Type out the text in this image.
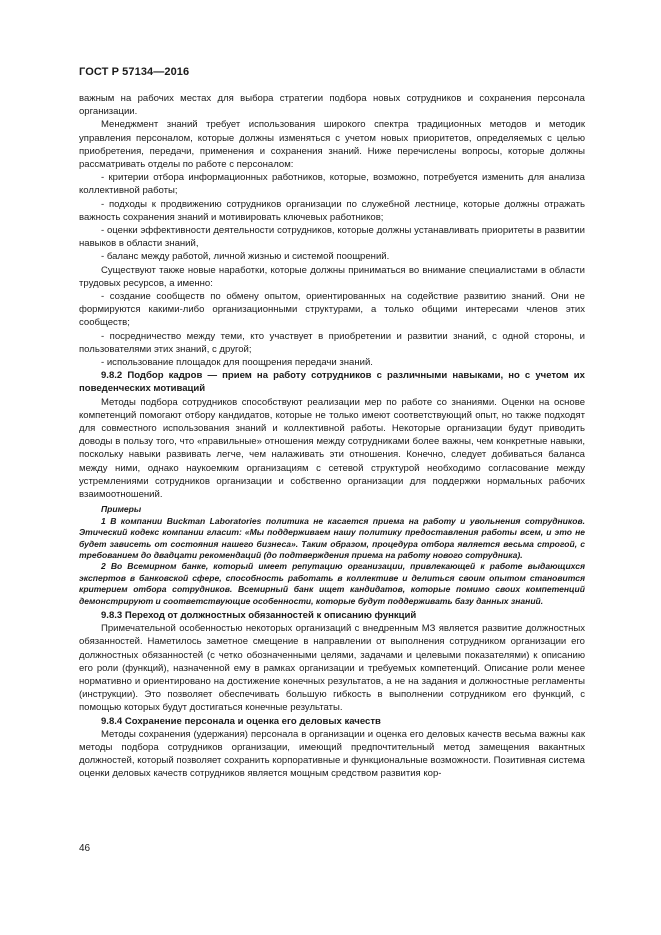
ГОСТ Р 57134—2016

важным на рабочих местах для выбора стратегии подбора новых сотрудников и сохранения персонала организации.

Менеджмент знаний требует использования широкого спектра традиционных методов и методик управления персоналом, которые должны изменяться с учетом новых приоритетов, определяемых с целью приобретения, передачи, применения и сохранения знаний. Ниже перечислены вопросы, которые должны рассматривать отделы по работе с персоналом:

- критерии отбора информационных работников, которые, возможно, потребуется изменить для анализа коллективной работы;

- подходы к продвижению сотрудников организации по служебной лестнице, которые должны отражать важность сохранения знаний и мотивировать ключевых работников;

- оценки эффективности деятельности сотрудников, которые должны устанавливать приоритеты в развитии навыков в области знаний,

- баланс между работой, личной жизнью и системой поощрений.

Существуют также новые наработки, которые должны приниматься во внимание специалистами в области трудовых ресурсов, а именно:

- создание сообществ по обмену опытом, ориентированных на содействие развитию знаний. Они не формируются какими-либо организационными структурами, а только общими интересами членов этих сообществ;

- посредничество между теми, кто участвует в приобретении и развитии знаний, с одной стороны, и пользователями этих знаний, с другой;

- использование площадок для поощрения передачи знаний.

9.8.2 Подбор кадров — прием на работу сотрудников с различными навыками, но с учетом их поведенческих мотиваций

Методы подбора сотрудников способствуют реализации мер по работе со знаниями. Оценки на основе компетенций помогают отбору кандидатов, которые не только имеют соответствующий опыт, но также подходят для совместного использования знаний и коллективной работы. Некоторые организации будут приводить доводы в пользу того, что «правильные» отношения между сотрудниками более важны, чем конкретные навыки, поскольку навыки развивать легче, чем налаживать эти отношения. Конечно, следует добиваться баланса между ними, однако наукоемким организациям с сетевой структурой необходимо согласование между устремлениями сотрудников организации и собственно организации для поддержки нормальных рабочих взаимоотношений.

Примеры

1 В компании Buckman Laboratories политика не касается приема на работу и увольнения сотрудников. Этический кодекс компании гласит: «Мы поддерживаем нашу политику предоставления работы всем, и это не будет зависеть от состояния нашего бизнеса». Таким образом, процедура отбора является весьма строгой, с требованием до двадцати рекомендаций (до подтверждения приема на работу нового сотрудника).

2 Во Всемирном банке, который имеет репутацию организации, привлекающей к работе выдающихся экспертов в банковской сфере, способность работать в коллективе и делиться своим опытом становится критерием отбора сотрудников. Всемирный банк ищет кандидатов, которые помимо своих компетенций демонстрируют и соответствующие особенности, которые будут поддерживать базу данных знаний.

9.8.3 Переход от должностных обязанностей к описанию функций

Примечательной особенностью некоторых организаций с внедренным МЗ является развитие должностных обязанностей. Наметилось заметное смещение в направлении от выполнения сотрудником организации его должностных обязанностей (с четко обозначенными целями, задачами и целевыми показателями) к описанию его роли (функций), назначенной ему в рамках организации и требуемых компетенций. Описание роли менее нормативно и ориентировано на достижение конечных результатов, а не на задания и должностные регламенты (инструкции). Это позволяет обеспечивать большую гибкость в выполнении сотрудником его функций, с помощью которых будут достигаться конечные результаты.

9.8.4 Сохранение персонала и оценка его деловых качеств

Методы сохранения (удержания) персонала в организации и оценка его деловых качеств весьма важны как методы подбора сотрудников организации, имеющий предпочтительный метод замещения вакантных должностей, который позволяет сохранить корпоративные и функциональные возможности. Позитивная система оценки деловых качеств сотрудников является мощным средством развития кор-

46
